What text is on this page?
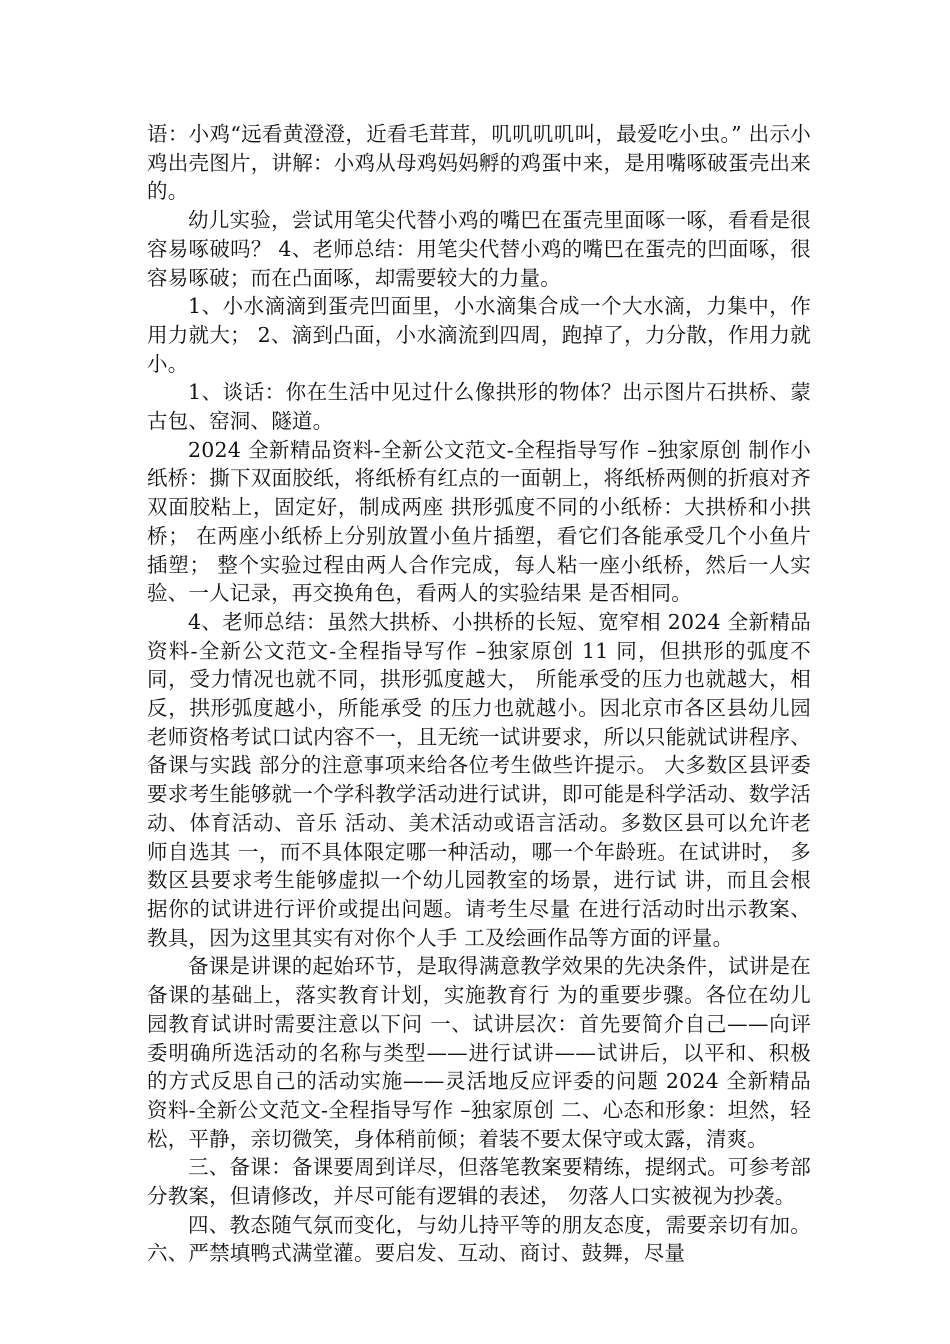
语：小鸡“远看黄澄澄，近看毛茸茸，叽叽叽叽叫，最爱吃小虫。” 出示小鸡出壳图片，讲解：小鸡从母鸡妈妈孵的鸡蛋中来，是用嘴啄破蛋壳出来的。

幼儿实验，尝试用笔尖代替小鸡的嘴巴在蛋壳里面啄一啄，看看是很容易啄破吗？ 4、老师总结：用笔尖代替小鸡的嘴巴在蛋壳的凹面啄，很容易啄破；而在凸面啄，却需要较大的力量。

1、小水滴滴到蛋壳凹面里，小水滴集合成一个大水滴，力集中，作用力就大； 2、滴到凸面，小水滴流到四周，跑掉了，力分散，作用力就小。

1、谈话：你在生活中见过什么像拱形的物体？出示图片石拱桥、蒙古包、窑洞、隧道。

2024 全新精品资料-全新公文范文-全程指导写作 –独家原创 制作小纸桥：撕下双面胶纸，将纸桥有红点的一面朝上，将纸桥两侧的折痕对齐双面胶粘上，固定好，制成两座 拱形弧度不同的小纸桥：大拱桥和小拱桥； 在两座小纸桥上分别放置小鱼片插塑，看它们各能承受几个小鱼片插塑； 整个实验过程由两人合作完成，每人粘一座小纸桥，然后一人实验、一人记录，再交换角色，看两人的实验结果 是否相同。

4、老师总结：虽然大拱桥、小拱桥的长短、宽窄相 2024 全新精品资料-全新公文范文-全程指导写作 –独家原创 11 同，但拱形的弧度不同，受力情况也就不同，拱形弧度越大， 所能承受的压力也就越大，相反，拱形弧度越小，所能承受 的压力也就越小。因北京市各区县幼儿园老师资格考试口试内容不一，且无统一试讲要求，所以只能就试讲程序、备课与实践 部分的注意事项来给各位考生做些许提示。 大多数区县评委要求考生能够就一个学科教学活动进行试讲，即可能是科学活动、数学活动、体育活动、音乐 活动、美术活动或语言活动。多数区县可以允许老师自选其 一，而不具体限定哪一种活动，哪一个年龄班。在试讲时， 多数区县要求考生能够虚拟一个幼儿园教室的场景，进行试 讲，而且会根据你的试讲进行评价或提出问题。请考生尽量 在进行活动时出示教案、教具，因为这里其实有对你个人手 工及绘画作品等方面的评量。

备课是讲课的起始环节，是取得满意教学效果的先决条件，试讲是在备课的基础上，落实教育计划，实施教育行 为的重要步骤。各位在幼儿园教育试讲时需要注意以下问 一、试讲层次：首先要简介自己——向评委明确所选活动的名称与类型——进行试讲——试讲后，以平和、积极 的方式反思自己的活动实施——灵活地反应评委的问题 2024 全新精品资料-全新公文范文-全程指导写作 –独家原创 二、心态和形象：坦然，轻松，平静，亲切微笑，身体稍前倾；着装不要太保守或太露，清爽。

三、备课：备课要周到详尽，但落笔教案要精练，提纲式。可参考部分教案，但请修改，并尽可能有逻辑的表述， 勿落人口实被视为抄袭。

四、教态随气氛而变化，与幼儿持平等的朋友态度，需要亲切有加。 六、严禁填鸭式满堂灌。要启发、互动、商讨、鼓舞，尽量
